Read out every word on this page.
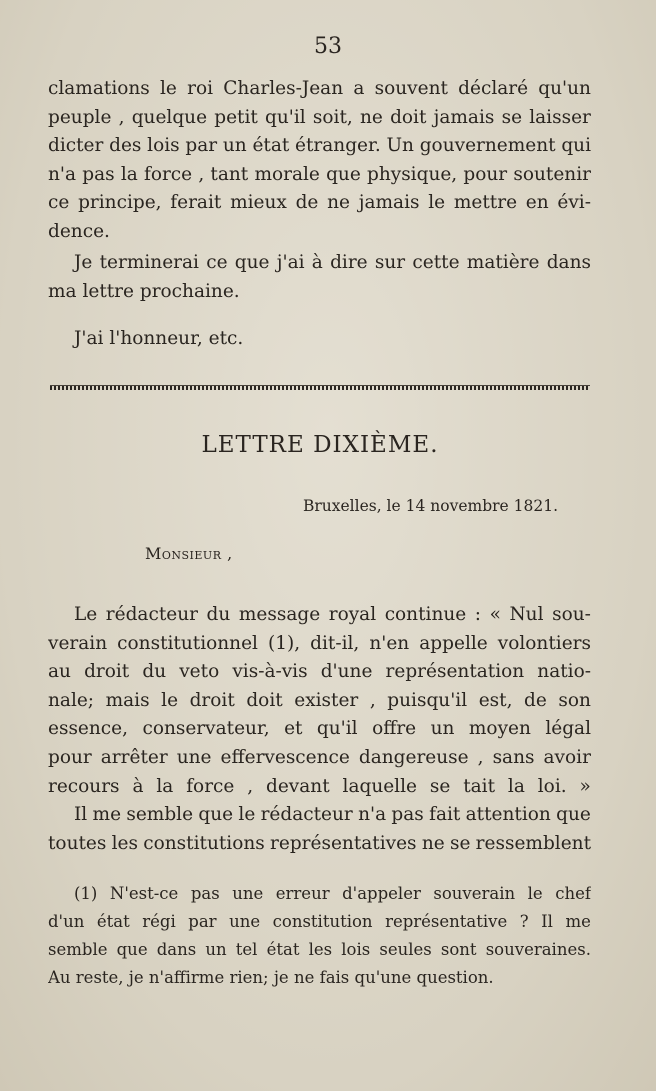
53
clamations le roi Charles-Jean a souvent déclaré qu'un
peuple , quelque petit qu'il soit, ne doit jamais se laisser
dicter des lois par un état étranger. Un gouvernement qui
n'a pas la force , tant morale que physique, pour soutenir
ce principe, ferait mieux de ne jamais le mettre en évi-
dence.
Je terminerai ce que j'ai à dire sur cette matière dans
ma lettre prochaine.
J'ai l'honneur, etc.
LETTRE DIXIÈME.
Bruxelles, le 14 novembre 1821.
Monsieur ,
Le rédacteur du message royal continue : « Nul sou-
verain constitutionnel (1), dit-il, n'en appelle volontiers
au droit du veto vis-à-vis d'une représentation natio-
nale; mais le droit doit exister , puisqu'il est, de son
essence, conservateur, et qu'il offre un moyen légal
pour arrêter une effervescence dangereuse , sans avoir
recours à la force , devant laquelle se tait la loi. »
Il me semble que le rédacteur n'a pas fait attention que
toutes les constitutions représentatives ne se ressemblent
(1) N'est-ce pas une erreur d'appeler souverain le chef
d'un état régi par une constitution représentative ? Il me
semble que dans un tel état les lois seules sont souveraines.
Au reste, je n'affirme rien; je ne fais qu'une question.
